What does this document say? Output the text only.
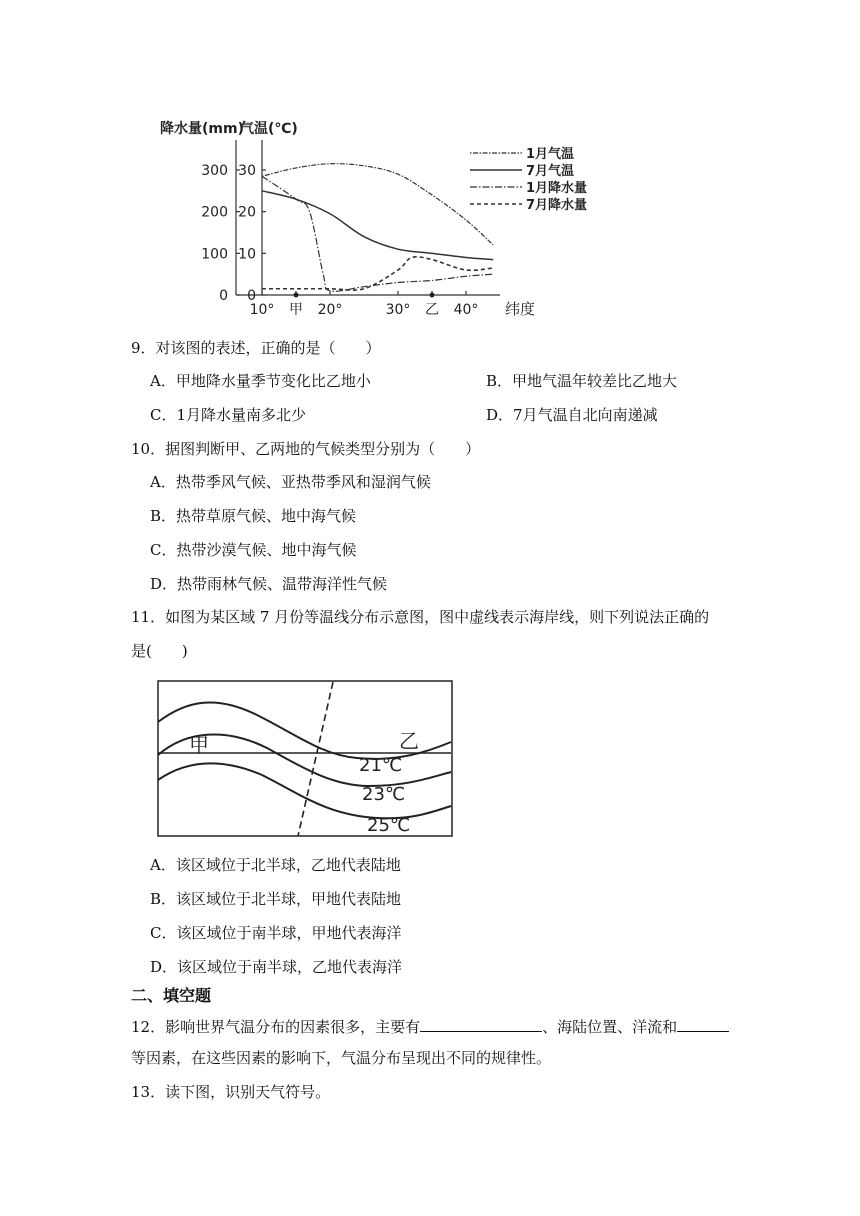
降水量(mm)
气温(℃)
300 30
200 20
100 10
0 0
10° 甲 20°	30° 乙 40° 纬度
1月气温
7月气温
1月降水量
7月降水量
9．对该图的表述，正确的是（　　）
A．甲地降水量季节变化比乙地小	B．甲地气温年较差比乙地大
C．1月降水量南多北少	D．7月气温自北向南递减
10．据图判断甲、乙两地的气候类型分别为（　　）
A．热带季风气候、亚热带季风和湿润气候
B．热带草原气候、地中海气候
C．热带沙漠气候、地中海气候
D．热带雨林气候、温带海洋性气候
11．如图为某区域 7 月份等温线分布示意图，图中虚线表示海岸线，则下列说法正确的
是(　　)
甲	乙
21℃
23℃
25℃
A．该区域位于北半球，乙地代表陆地
B．该区域位于北半球，甲地代表陆地
C．该区域位于南半球，甲地代表海洋
D．该区域位于南半球，乙地代表海洋
二、填空题
12．影响世界气温分布的因素很多，主要有	、海陆位置、洋流和
等因素，在这些因素的影响下，气温分布呈现出不同的规律性。
13．读下图，识别天气符号。
